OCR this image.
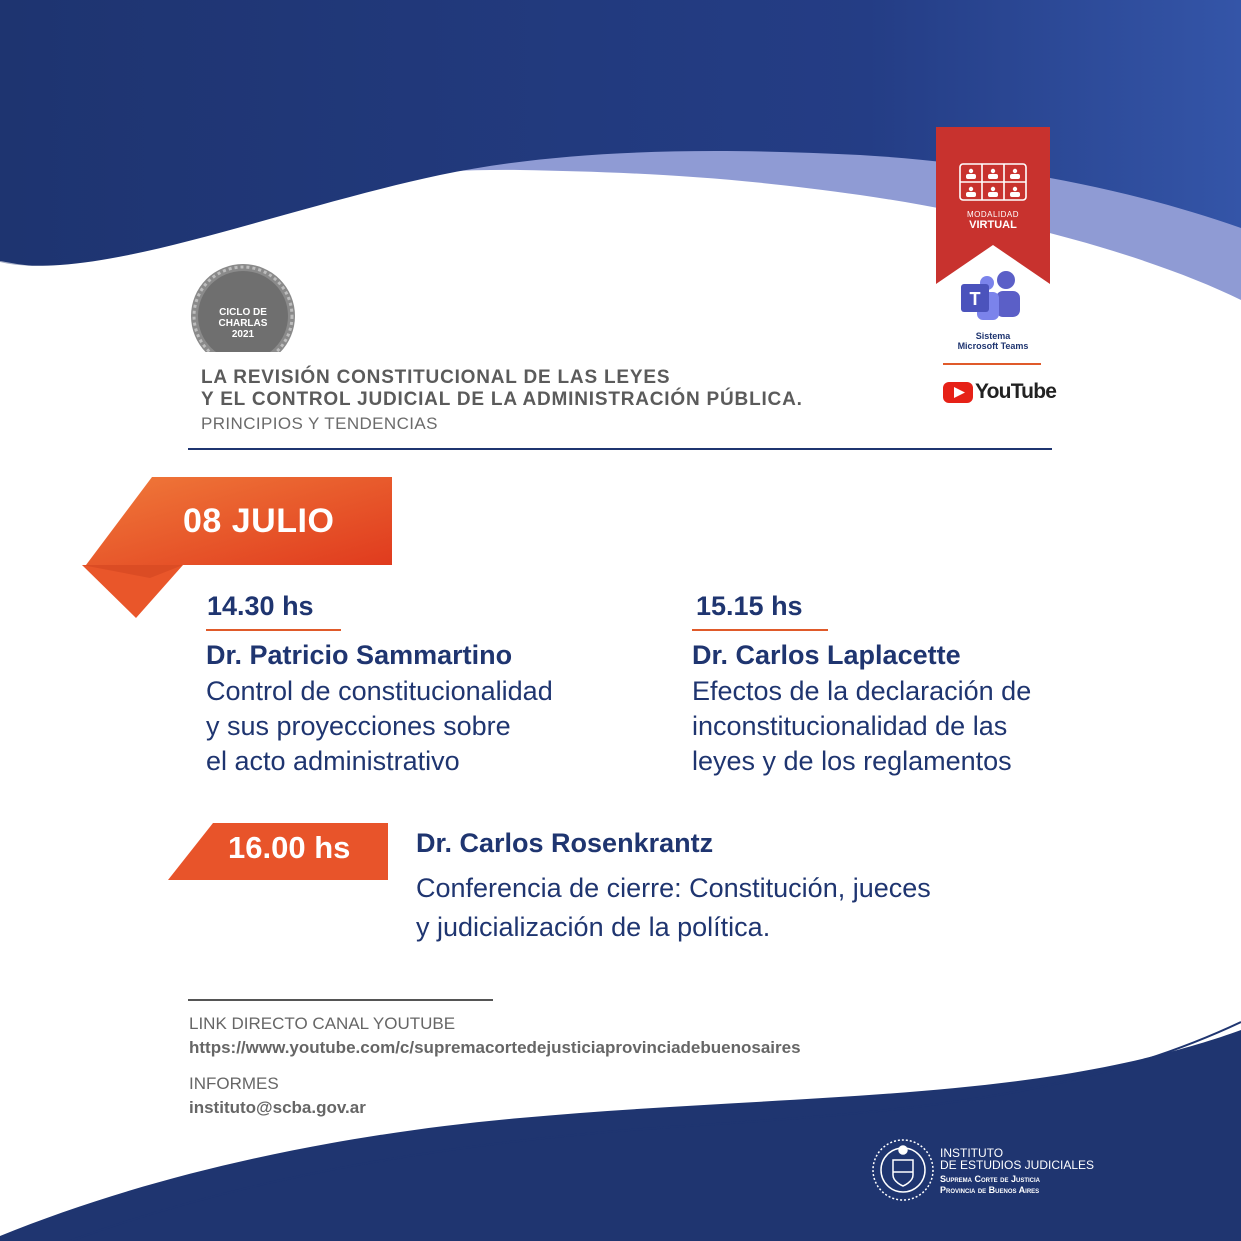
T
MODALIDAD
VIRTUAL
Sistema
Microsoft Teams
YouTube
CICLO DE
CHARLAS
2021
LA REVISIÓN CONSTITUCIONAL DE LAS LEYES
Y EL CONTROL JUDICIAL DE LA ADMINISTRACIÓN PÚBLICA.
PRINCIPIOS Y TENDENCIAS
08 JULIO
14.30 hs
Dr. Patricio Sammartino
Control de constitucionalidad
y sus proyecciones sobre
el acto administrativo
15.15 hs
Dr. Carlos Laplacette
Efectos de la declaración de
inconstitucionalidad de las
leyes y de los reglamentos
16.00 hs Dr. Carlos Rosenkrantz
Conferencia de cierre: Constitución, jueces
y judicialización de la política.
LINK DIRECTO CANAL YOUTUBE
https://www.youtube.com/c/supremacortedejusticiaprovinciadebuenosaires
INFORMES
instituto@scba.gov.ar
INSTITUTO
DE ESTUDIOS JUDICIALES
Suprema Corte de Justicia
Provincia de Buenos Aires
